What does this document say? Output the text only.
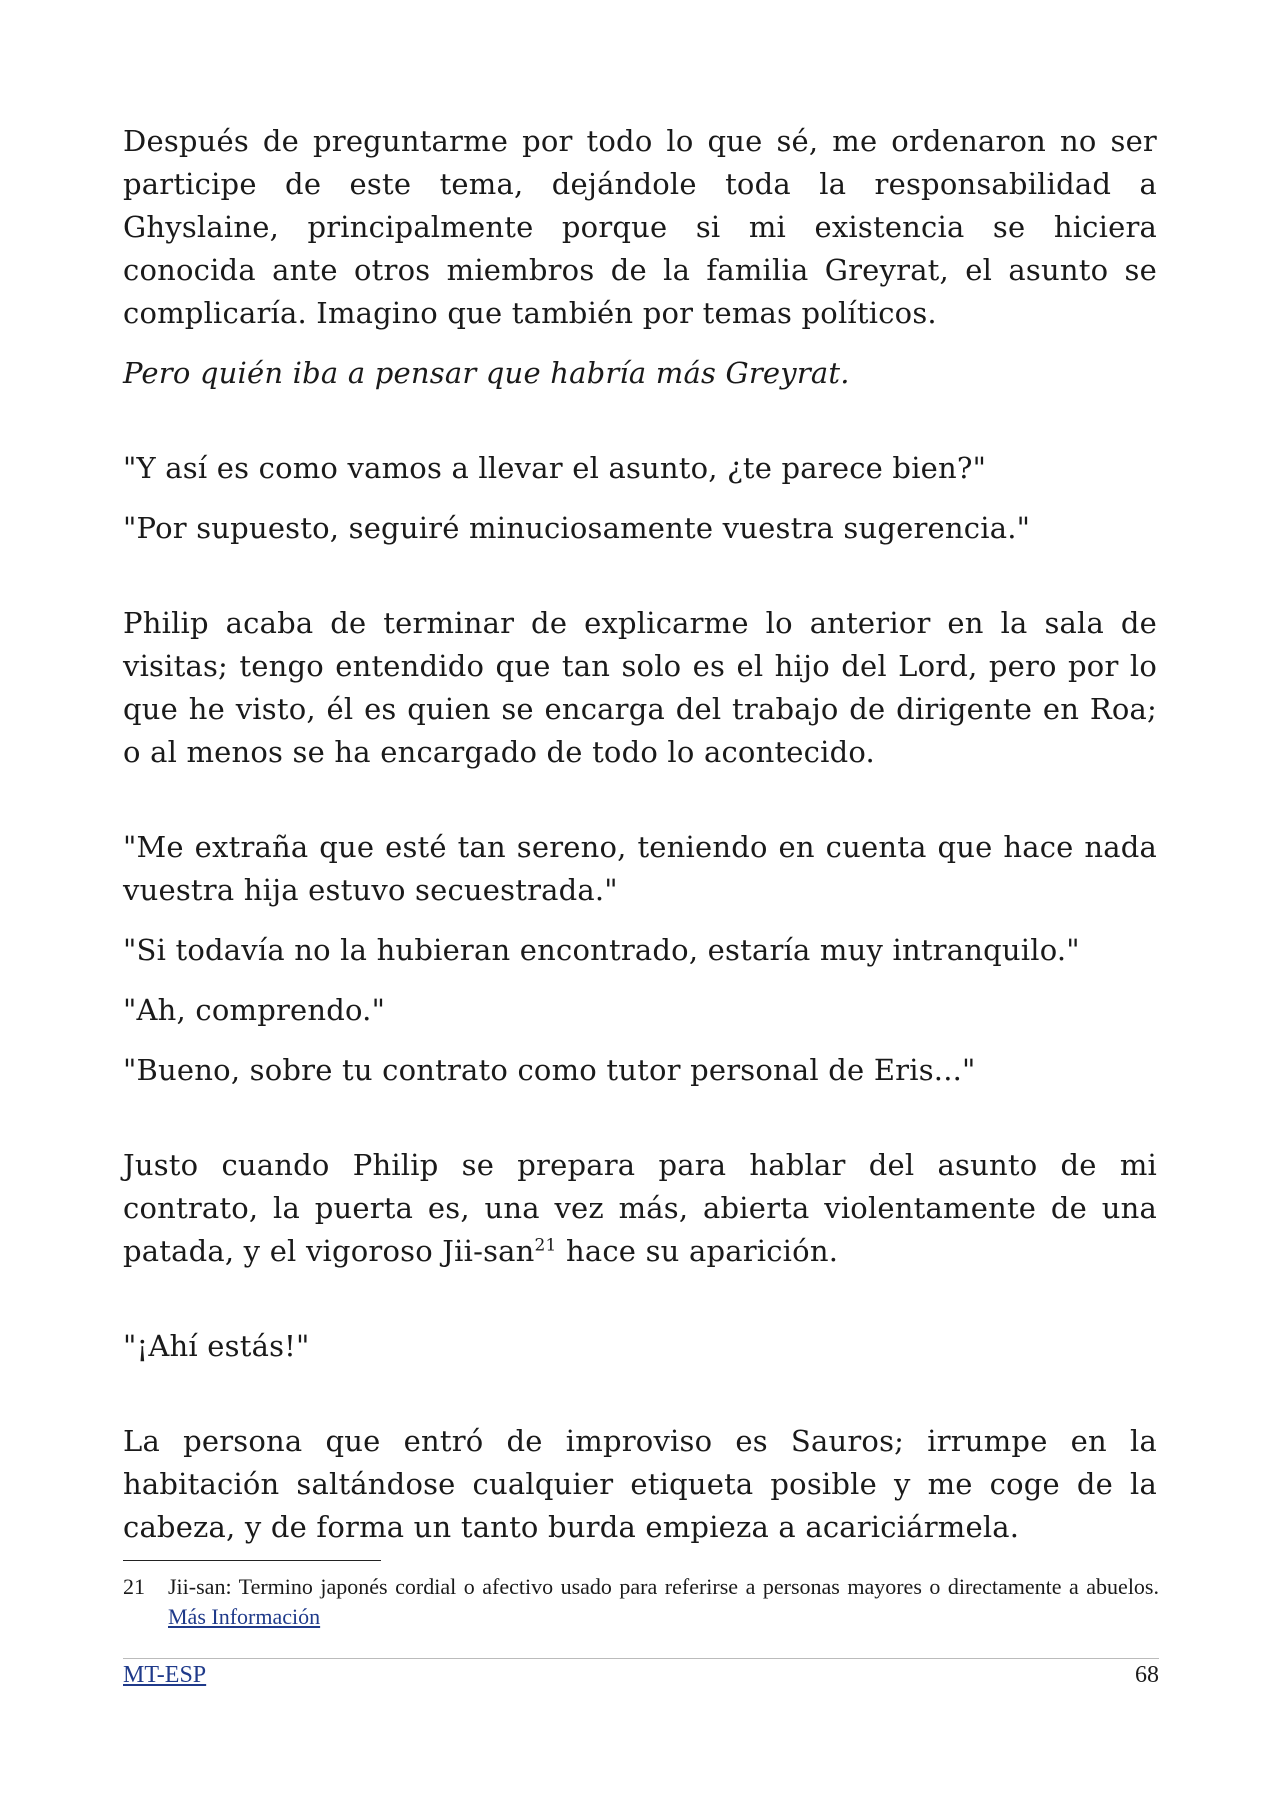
Después de preguntarme por todo lo que sé, me ordenaron no ser participe de este tema, dejándole toda la responsabilidad a Ghyslaine, principalmente porque si mi existencia se hiciera conocida ante otros miembros de la familia Greyrat, el asunto se complicaría. Imagino que también por temas políticos.

Pero quién iba a pensar que habría más Greyrat.

"Y así es como vamos a llevar el asunto, ¿te parece bien?"

"Por supuesto, seguiré minuciosamente vuestra sugerencia."

Philip acaba de terminar de explicarme lo anterior en la sala de visitas; tengo entendido que tan solo es el hijo del Lord, pero por lo que he visto, él es quien se encarga del trabajo de dirigente en Roa; o al menos se ha encargado de todo lo acontecido.

"Me extraña que esté tan sereno, teniendo en cuenta que hace nada vuestra hija estuvo secuestrada."

"Si todavía no la hubieran encontrado, estaría muy intranquilo."

"Ah, comprendo."

"Bueno, sobre tu contrato como tutor personal de Eris..."

Justo cuando Philip se prepara para hablar del asunto de mi contrato, la puerta es, una vez más, abierta violentamente de una patada, y el vigoroso Jii-san$^{21}$ hace su aparición.

"¡Ahí estás!"

La persona que entró de improviso es Sauros; irrumpe en la habitación saltándose cualquier etiqueta posible y me coge de la cabeza, y de forma un tanto burda empieza a acariciármela.

21	Jii-san: Termino japonés cordial o afectivo usado para referirse a personas mayores o directamente a abuelos. Más Información
MT-ESP	68
